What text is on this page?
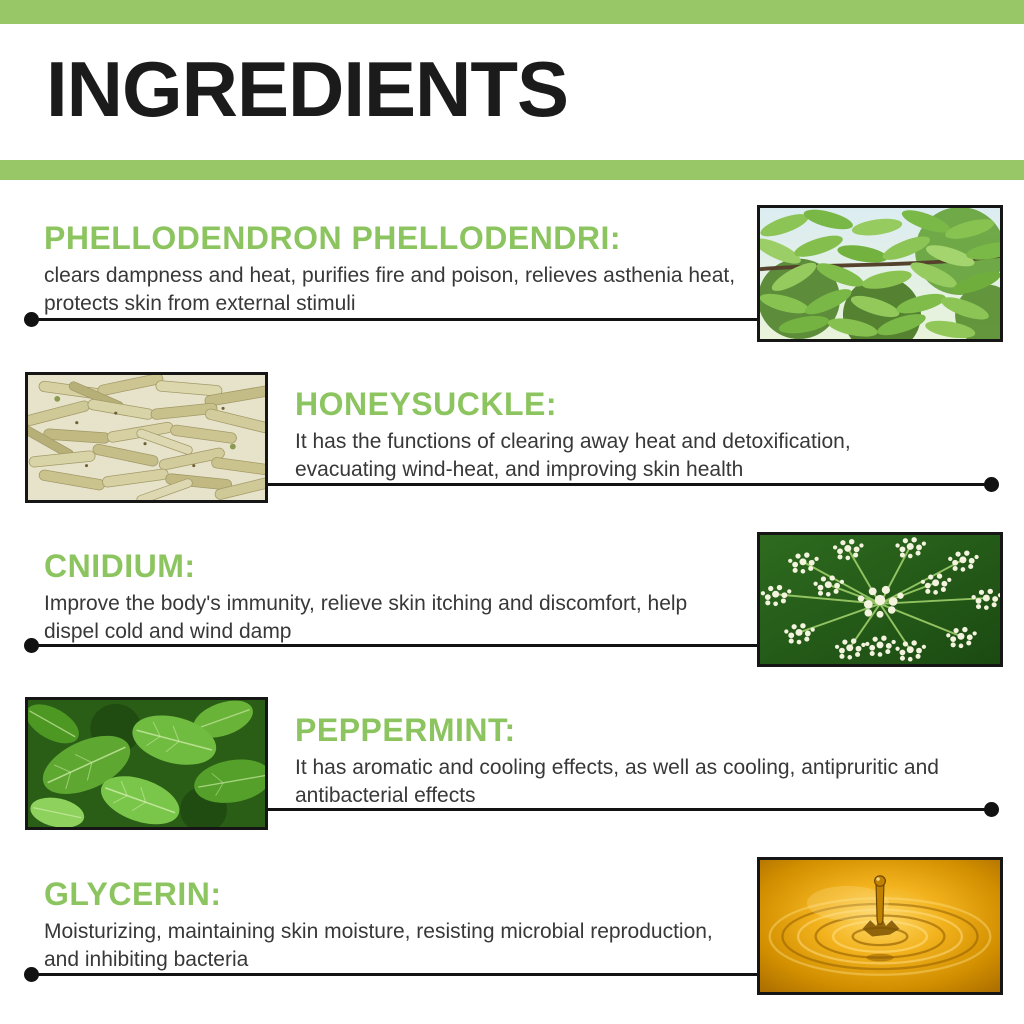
INGREDIENTS
PHELLODENDRON PHELLODENDRI:

clears dampness and heat, purifies fire and poison, relieves asthenia heat, protects skin from external stimuli

HONEYSUCKLE:

It has the functions of clearing away heat and detoxification, evacuating wind-heat, and improving skin health

CNIDIUM:

Improve the body's immunity, relieve skin itching and discomfort, help dispel cold and wind damp

PEPPERMINT:

It has aromatic and cooling effects, as well as cooling, antipruritic and antibacterial effects

GLYCERIN:

Moisturizing, maintaining skin moisture, resisting microbial reproduction, and inhibiting bacteria
